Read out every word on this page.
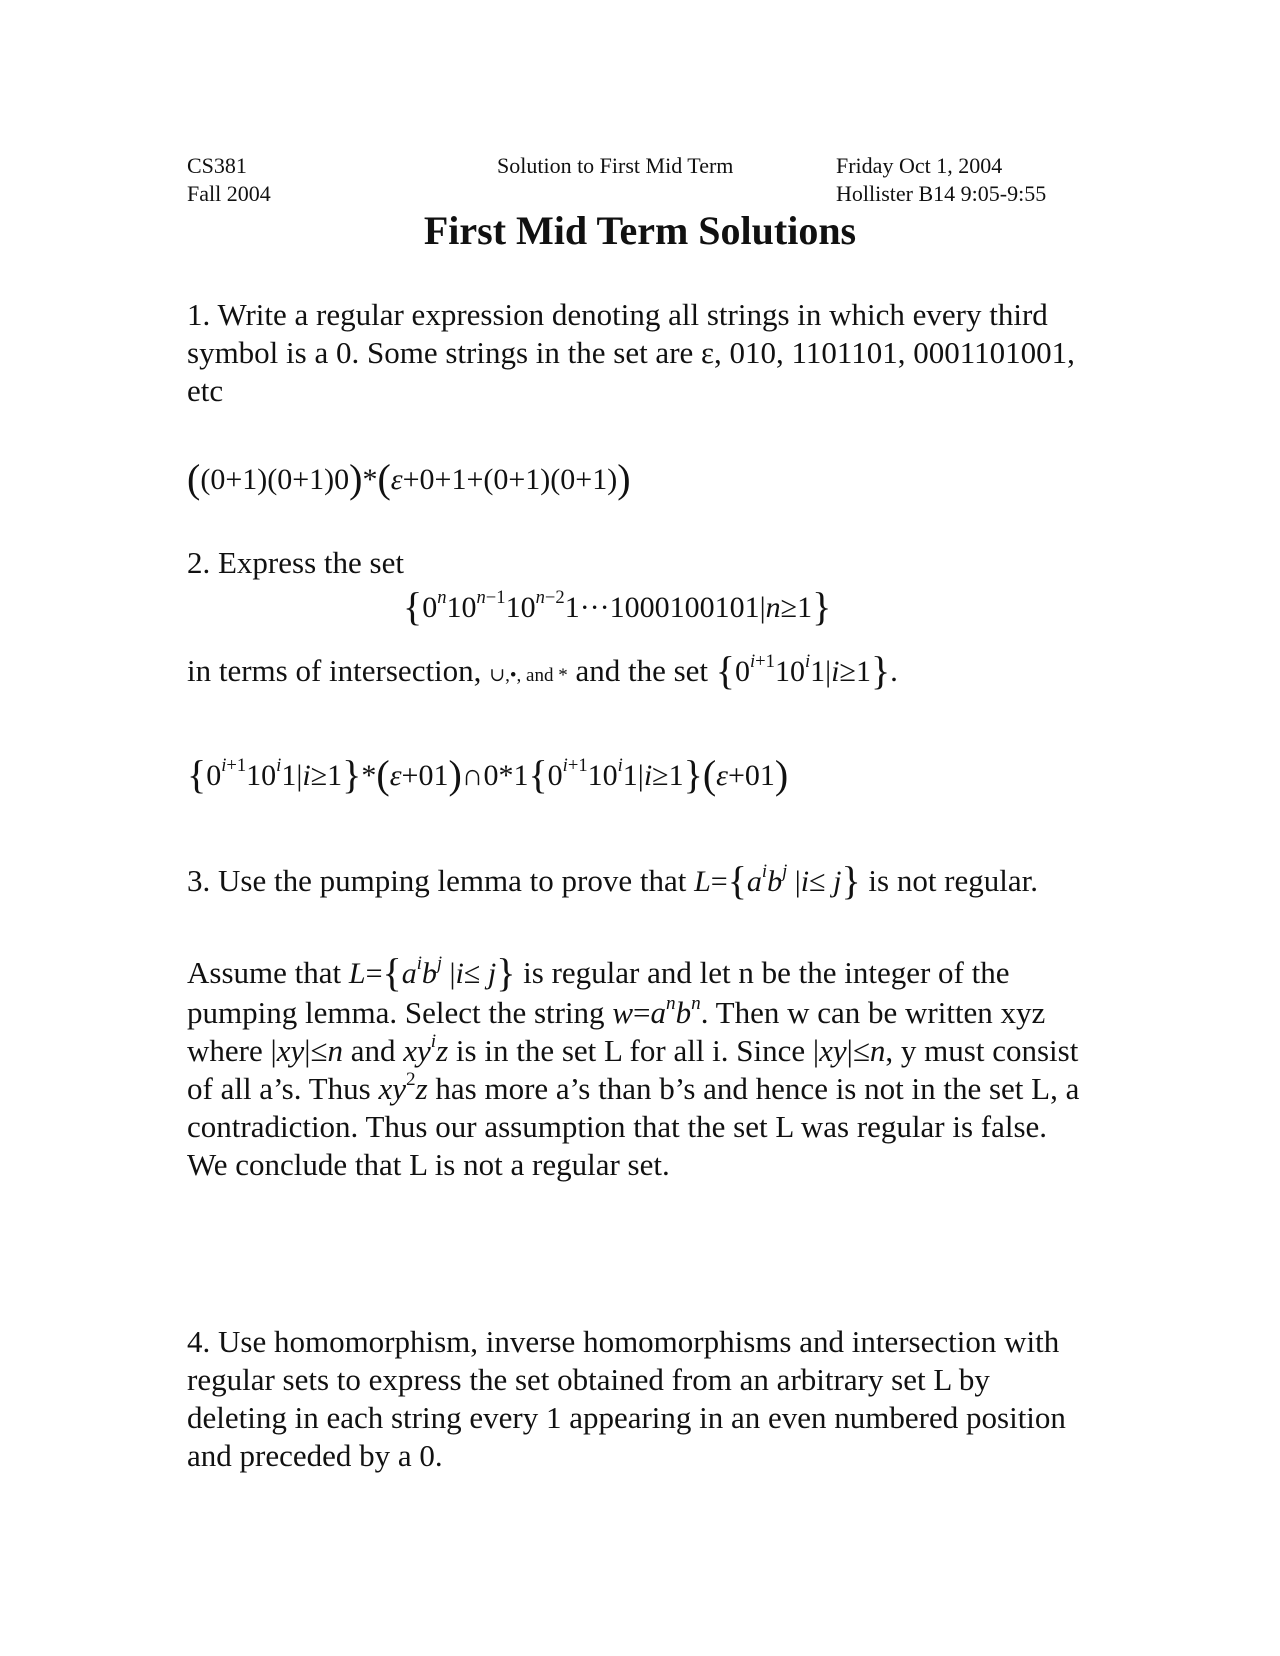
CS381
Fall 2004
Solution to First Mid Term	Friday Oct 1, 2004
Hollister B14 9:05-9:55
First Mid Term Solutions
1. Write a regular expression denoting all strings in which every third symbol is a 0. Some strings in the set are ε, 010, 1101101, 0001101001, etc
((0+1)(0+1)0)*(ε+0+1+(0+1)(0+1))
2. Express the set
$\{0^n10^{n-1}10^{n-2}1\cdot\cdot\cdot 1000100101|n\ge 1\}$
in terms of intersection, ∪,•, and * and the set $\{0^{i+1}10^i1|i\ge 1\}$.
$\{0^{i+1}10^i1|i\ge 1\}*(\varepsilon+01)\cap 0*1\{0^{i+1}10^i1|i\ge 1\}(\varepsilon+01)$
3. Use the pumping lemma to prove that $L=\{a^ib^j$ |i≤ j} is not regular.
Assume that $L=\{a^ib^j$ |i≤ j} is regular and let n be the integer of the pumping lemma. Select the string $w=a^nb^n$. Then w can be written xyz where |xy|≤n and $xy^iz$ is in the set L for all i. Since |xy|≤n, y must consist of all a’s. Thus $xy^2z$ has more a’s than b’s and hence is not in the set L, a contradiction. Thus our assumption that the set L was regular is false. We conclude that L is not a regular set.
4. Use homomorphism, inverse homomorphisms and intersection with regular sets to express the set obtained from an arbitrary set L by deleting in each string every 1 appearing in an even numbered position and preceded by a 0.
